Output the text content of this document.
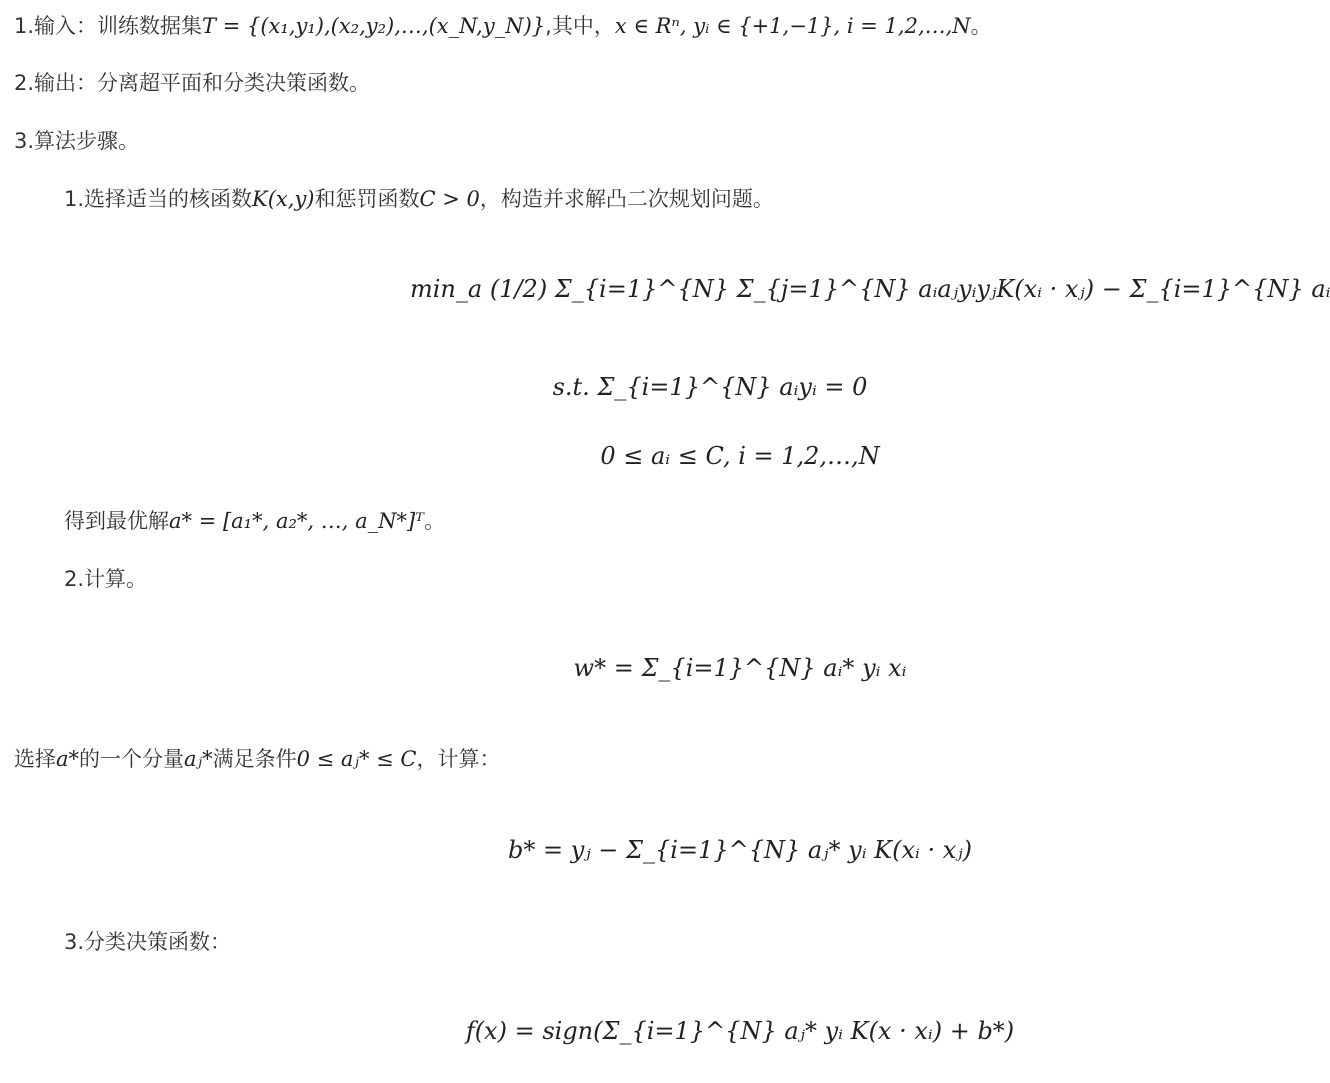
1.输入：训练数据集T = {(x₁,y₁),(x₂,y₂),…,(x_N,y_N)},其中，x ∈ Rⁿ, yᵢ ∈ {+1,−1}, i = 1,2,…,N。
2.输出：分离超平面和分类决策函数。
3.算法步骤。
1.选择适当的核函数K(x,y)和惩罚函数C > 0，构造并求解凸二次规划问题。
min_a (1/2) Σ_{i=1}^{N} Σ_{j=1}^{N} aᵢaⱼyᵢyⱼK(xᵢ · xⱼ) − Σ_{i=1}^{N} aᵢ
s.t. Σ_{i=1}^{N} aᵢyᵢ = 0
0 ≤ aᵢ ≤ C, i = 1,2,…,N
得到最优解a* = [a₁*, a₂*, …, a_N*]ᵀ。
2.计算。
w* = Σ_{i=1}^{N} aᵢ* yᵢ xᵢ
选择a*的一个分量aⱼ*满足条件0 ≤ aⱼ* ≤ C，计算：
b* = yⱼ − Σ_{i=1}^{N} aⱼ* yᵢ K(xᵢ · xⱼ)
3.分类决策函数：
f(x) = sign(Σ_{i=1}^{N} aⱼ* yᵢ K(x · xᵢ) + b*)
